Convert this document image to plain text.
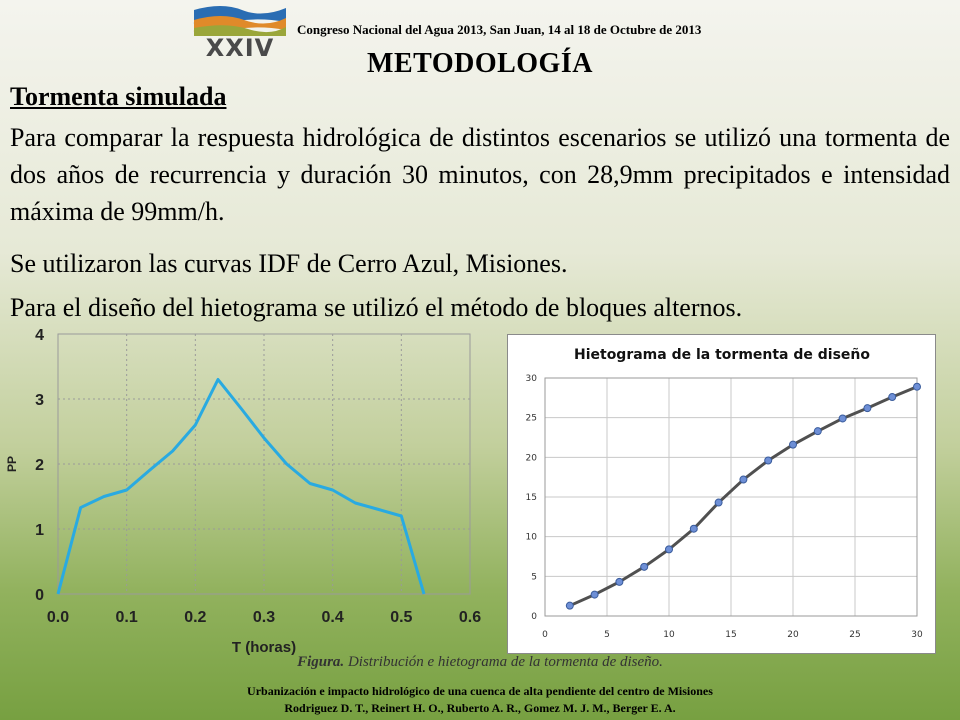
XXIV
Congreso Nacional del Agua 2013, San Juan, 14 al 18 de Octubre de 2013
METODOLOGÍA
Tormenta simulada

Para comparar la respuesta hidrológica de distintos escenarios se utilizó una tormenta de dos años de recurrencia y duración 30 minutos, con 28,9mm precipitados e intensidad máxima de 99mm/h.

Se utilizaron las curvas IDF de Cerro Azul, Misiones.

Para el diseño del hietograma se utilizó el método de bloques alternos.

0.0	0.1	0.2	0.3	0.4	0.5	0.6
0
1
2
3
4
T (horas)
PP
Hietograma de la tormenta de diseño
0
5
10
15
20
25
30
0	5	10	15	20	25	30
Figura. Distribución e hietograma de la tormenta de diseño.
Urbanización e impacto hidrológico de una cuenca de alta pendiente del centro de Misiones
Rodriguez D. T., Reinert H. O., Ruberto A. R., Gomez M. J. M., Berger E. A.
